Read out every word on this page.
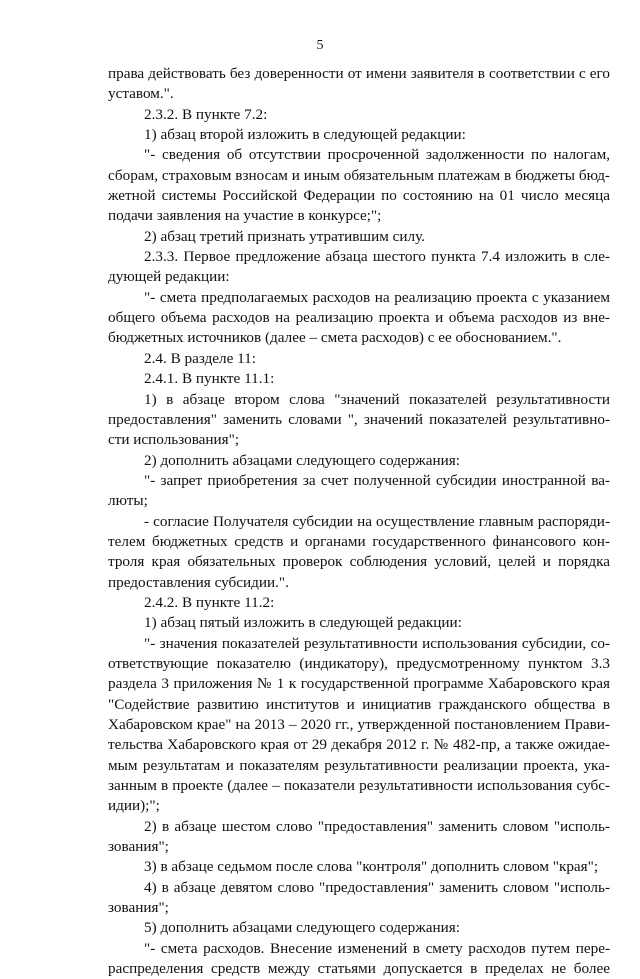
5
права действовать без доверенности от имени заявителя в соответствии с его
уставом.".
2.3.2. В пункте 7.2:
1) абзац второй изложить в следующей редакции:
"- сведения об отсутствии просроченной задолженности по налогам,
сборам, страховым взносам и иным обязательным платежам в бюджеты бюд-
жетной системы Российской Федерации по состоянию на 01 число месяца
подачи заявления на участие в конкурсе;";
2) абзац третий признать утратившим силу.
2.3.3. Первое предложение абзаца шестого пункта 7.4 изложить в сле-
дующей редакции:
"- смета предполагаемых расходов на реализацию проекта с указанием
общего объема расходов на реализацию проекта и объема расходов из вне-
бюджетных источников (далее – смета расходов) с ее обоснованием.".
2.4. В разделе 11:
2.4.1. В пункте 11.1:
1) в абзаце втором слова "значений показателей результативности
предоставления" заменить словами ", значений показателей результативно-
сти использования";
2) дополнить абзацами следующего содержания:
"- запрет приобретения за счет полученной субсидии иностранной ва-
люты;
- согласие Получателя субсидии на осуществление главным распоряди-
телем бюджетных средств и органами государственного финансового кон-
троля края обязательных проверок соблюдения условий, целей и порядка
предоставления субсидии.".
2.4.2. В пункте 11.2:
1) абзац пятый изложить в следующей редакции:
"- значения показателей результативности использования субсидии, со-
ответствующие показателю (индикатору), предусмотренному пунктом 3.3
раздела 3 приложения № 1 к государственной программе Хабаровского края
"Содействие развитию институтов и инициатив гражданского общества в
Хабаровском крае" на 2013 – 2020 гг., утвержденной постановлением Прави-
тельства Хабаровского края от 29 декабря 2012 г. № 482-пр, а также ожидае-
мым результатам и показателям результативности реализации проекта, ука-
занным в проекте (далее – показатели результативности использования субс-
идии);";
2) в абзаце шестом слово "предоставления" заменить словом "исполь-
зования";
3) в абзаце седьмом после слова "контроля" дополнить словом "края";
4) в абзаце девятом слово "предоставления" заменить словом "исполь-
зования";
5) дополнить абзацами следующего содержания:
"- смета расходов. Внесение изменений в смету расходов путем пере-
распределения средств между статьями допускается в пределах не более
